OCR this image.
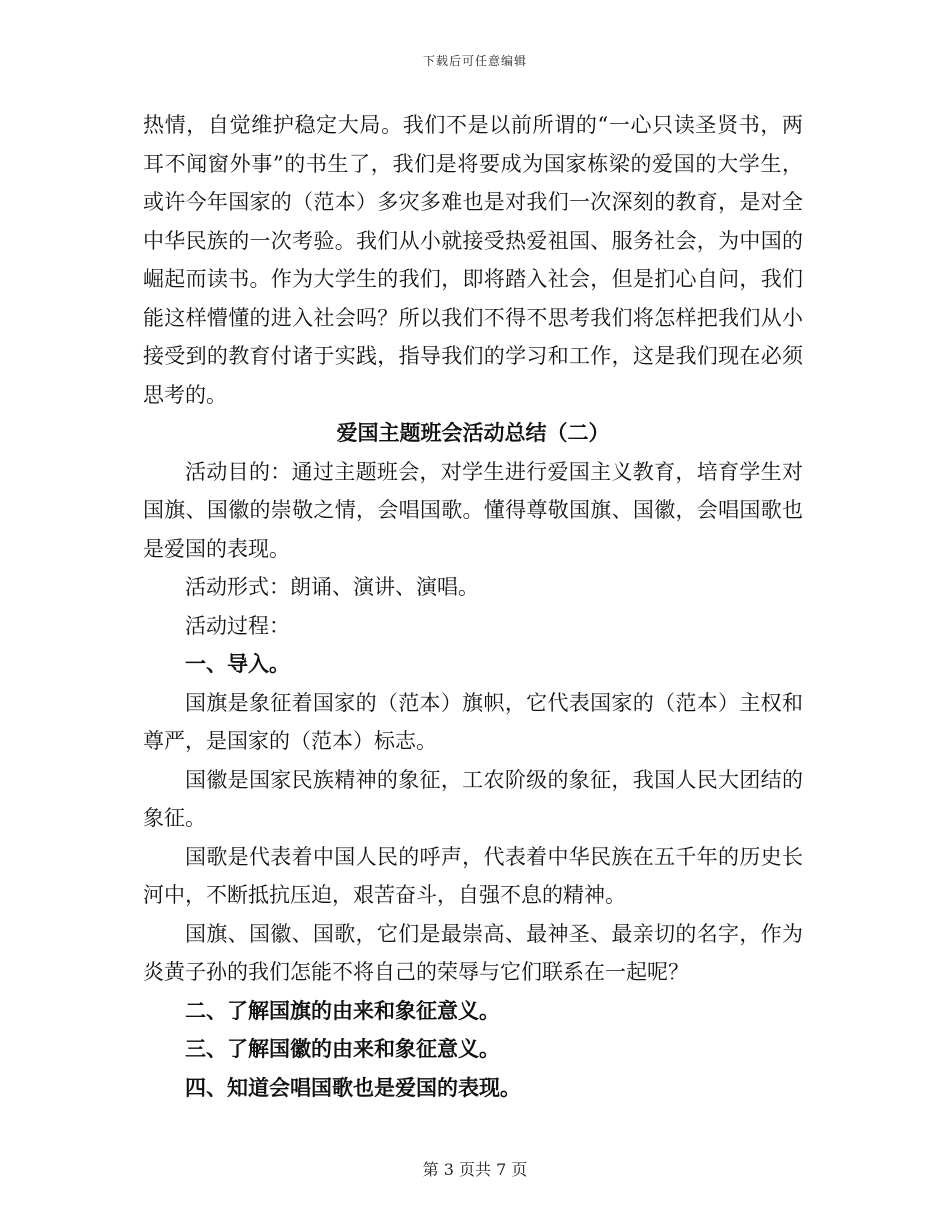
下载后可任意编辑

热情，自觉维护稳定大局。我们不是以前所谓的“一心只读圣贤书，两耳不闻窗外事”的书生了，我们是将要成为国家栋梁的爱国的大学生，或许今年国家的（范本）多灾多难也是对我们一次深刻的教育，是对全中华民族的一次考验。我们从小就接受热爱祖国、服务社会，为中国的崛起而读书。作为大学生的我们，即将踏入社会，但是扪心自问，我们能这样懵懂的进入社会吗？所以我们不得不思考我们将怎样把我们从小接受到的教育付诸于实践，指导我们的学习和工作，这是我们现在必须思考的。

爱国主题班会活动总结（二）

活动目的：通过主题班会，对学生进行爱国主义教育，培育学生对国旗、国徽的崇敬之情，会唱国歌。懂得尊敬国旗、国徽，会唱国歌也是爱国的表现。

活动形式：朗诵、演讲、演唱。

活动过程：

一、导入。

国旗是象征着国家的（范本）旗帜，它代表国家的（范本）主权和尊严，是国家的（范本）标志。

国徽是国家民族精神的象征，工农阶级的象征，我国人民大团结的象征。

国歌是代表着中国人民的呼声，代表着中华民族在五千年的历史长河中，不断抵抗压迫，艰苦奋斗，自强不息的精神。

国旗、国徽、国歌，它们是最崇高、最神圣、最亲切的名字，作为炎黄子孙的我们怎能不将自己的荣辱与它们联系在一起呢？

二、了解国旗的由来和象征意义。

三、了解国徽的由来和象征意义。

四、知道会唱国歌也是爱国的表现。

第 3 页共 7 页
